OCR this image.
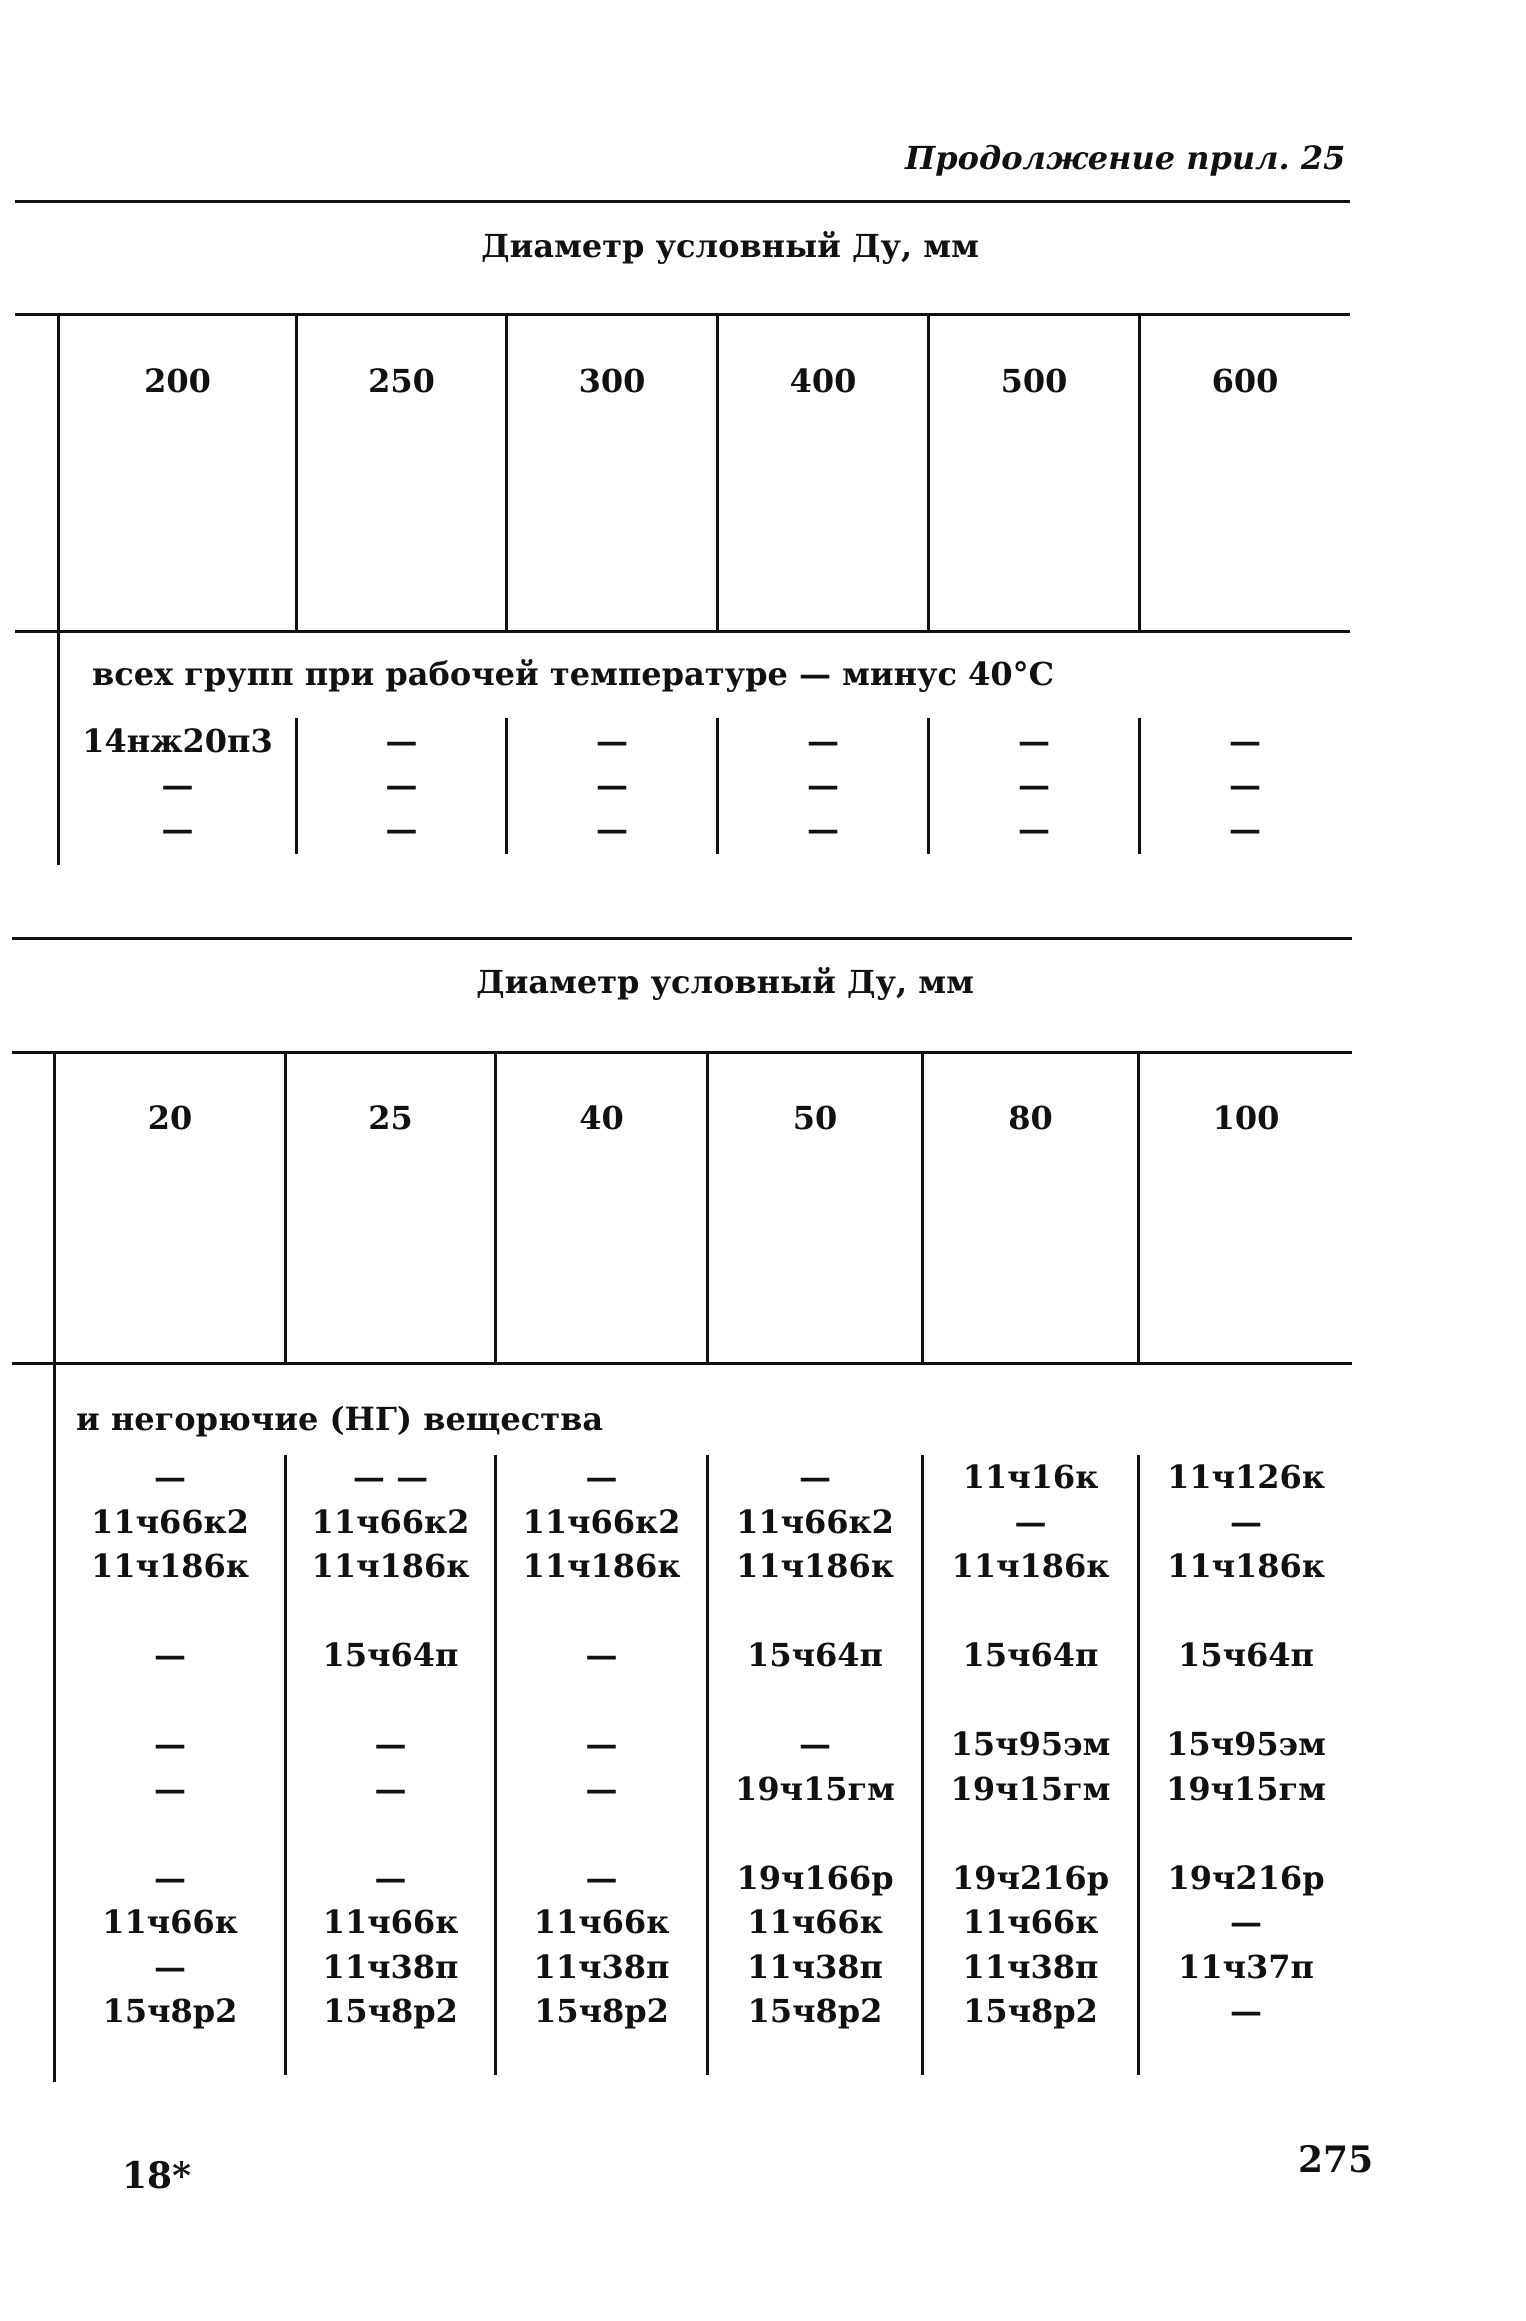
Продолжение прил. 25
Диаметр условный Ду, мм
200	250	300	400	500	600
всех групп при рабочей температуре — минус 40°С
14нж20п3	—	—	—	—	—
—	—	—	—	—	—
—	—	—	—	—	—
Диаметр условный Ду, мм
20	25	40	50	80	100
и негорючие (НГ) вещества
—	— —	—	—	11ч16к	11ч126к
11ч66к2	11ч66к2	11ч66к2	11ч66к2	—	—
11ч186к	11ч186к	11ч186к	11ч186к	11ч186к	11ч186к
—	15ч64п	—	15ч64п	15ч64п	15ч64п
—	—	—	—	15ч95эм	15ч95эм
—	—	—	19ч15гм	19ч15гм	19ч15гм
—	—	—	19ч166р	19ч216р	19ч216р
11ч66к	11ч66к	11ч66к	11ч66к	11ч66к	—
—	11ч38п	11ч38п	11ч38п	11ч38п	11ч37п
15ч8р2	15ч8р2	15ч8р2	15ч8р2	15ч8р2	—
18*	275
